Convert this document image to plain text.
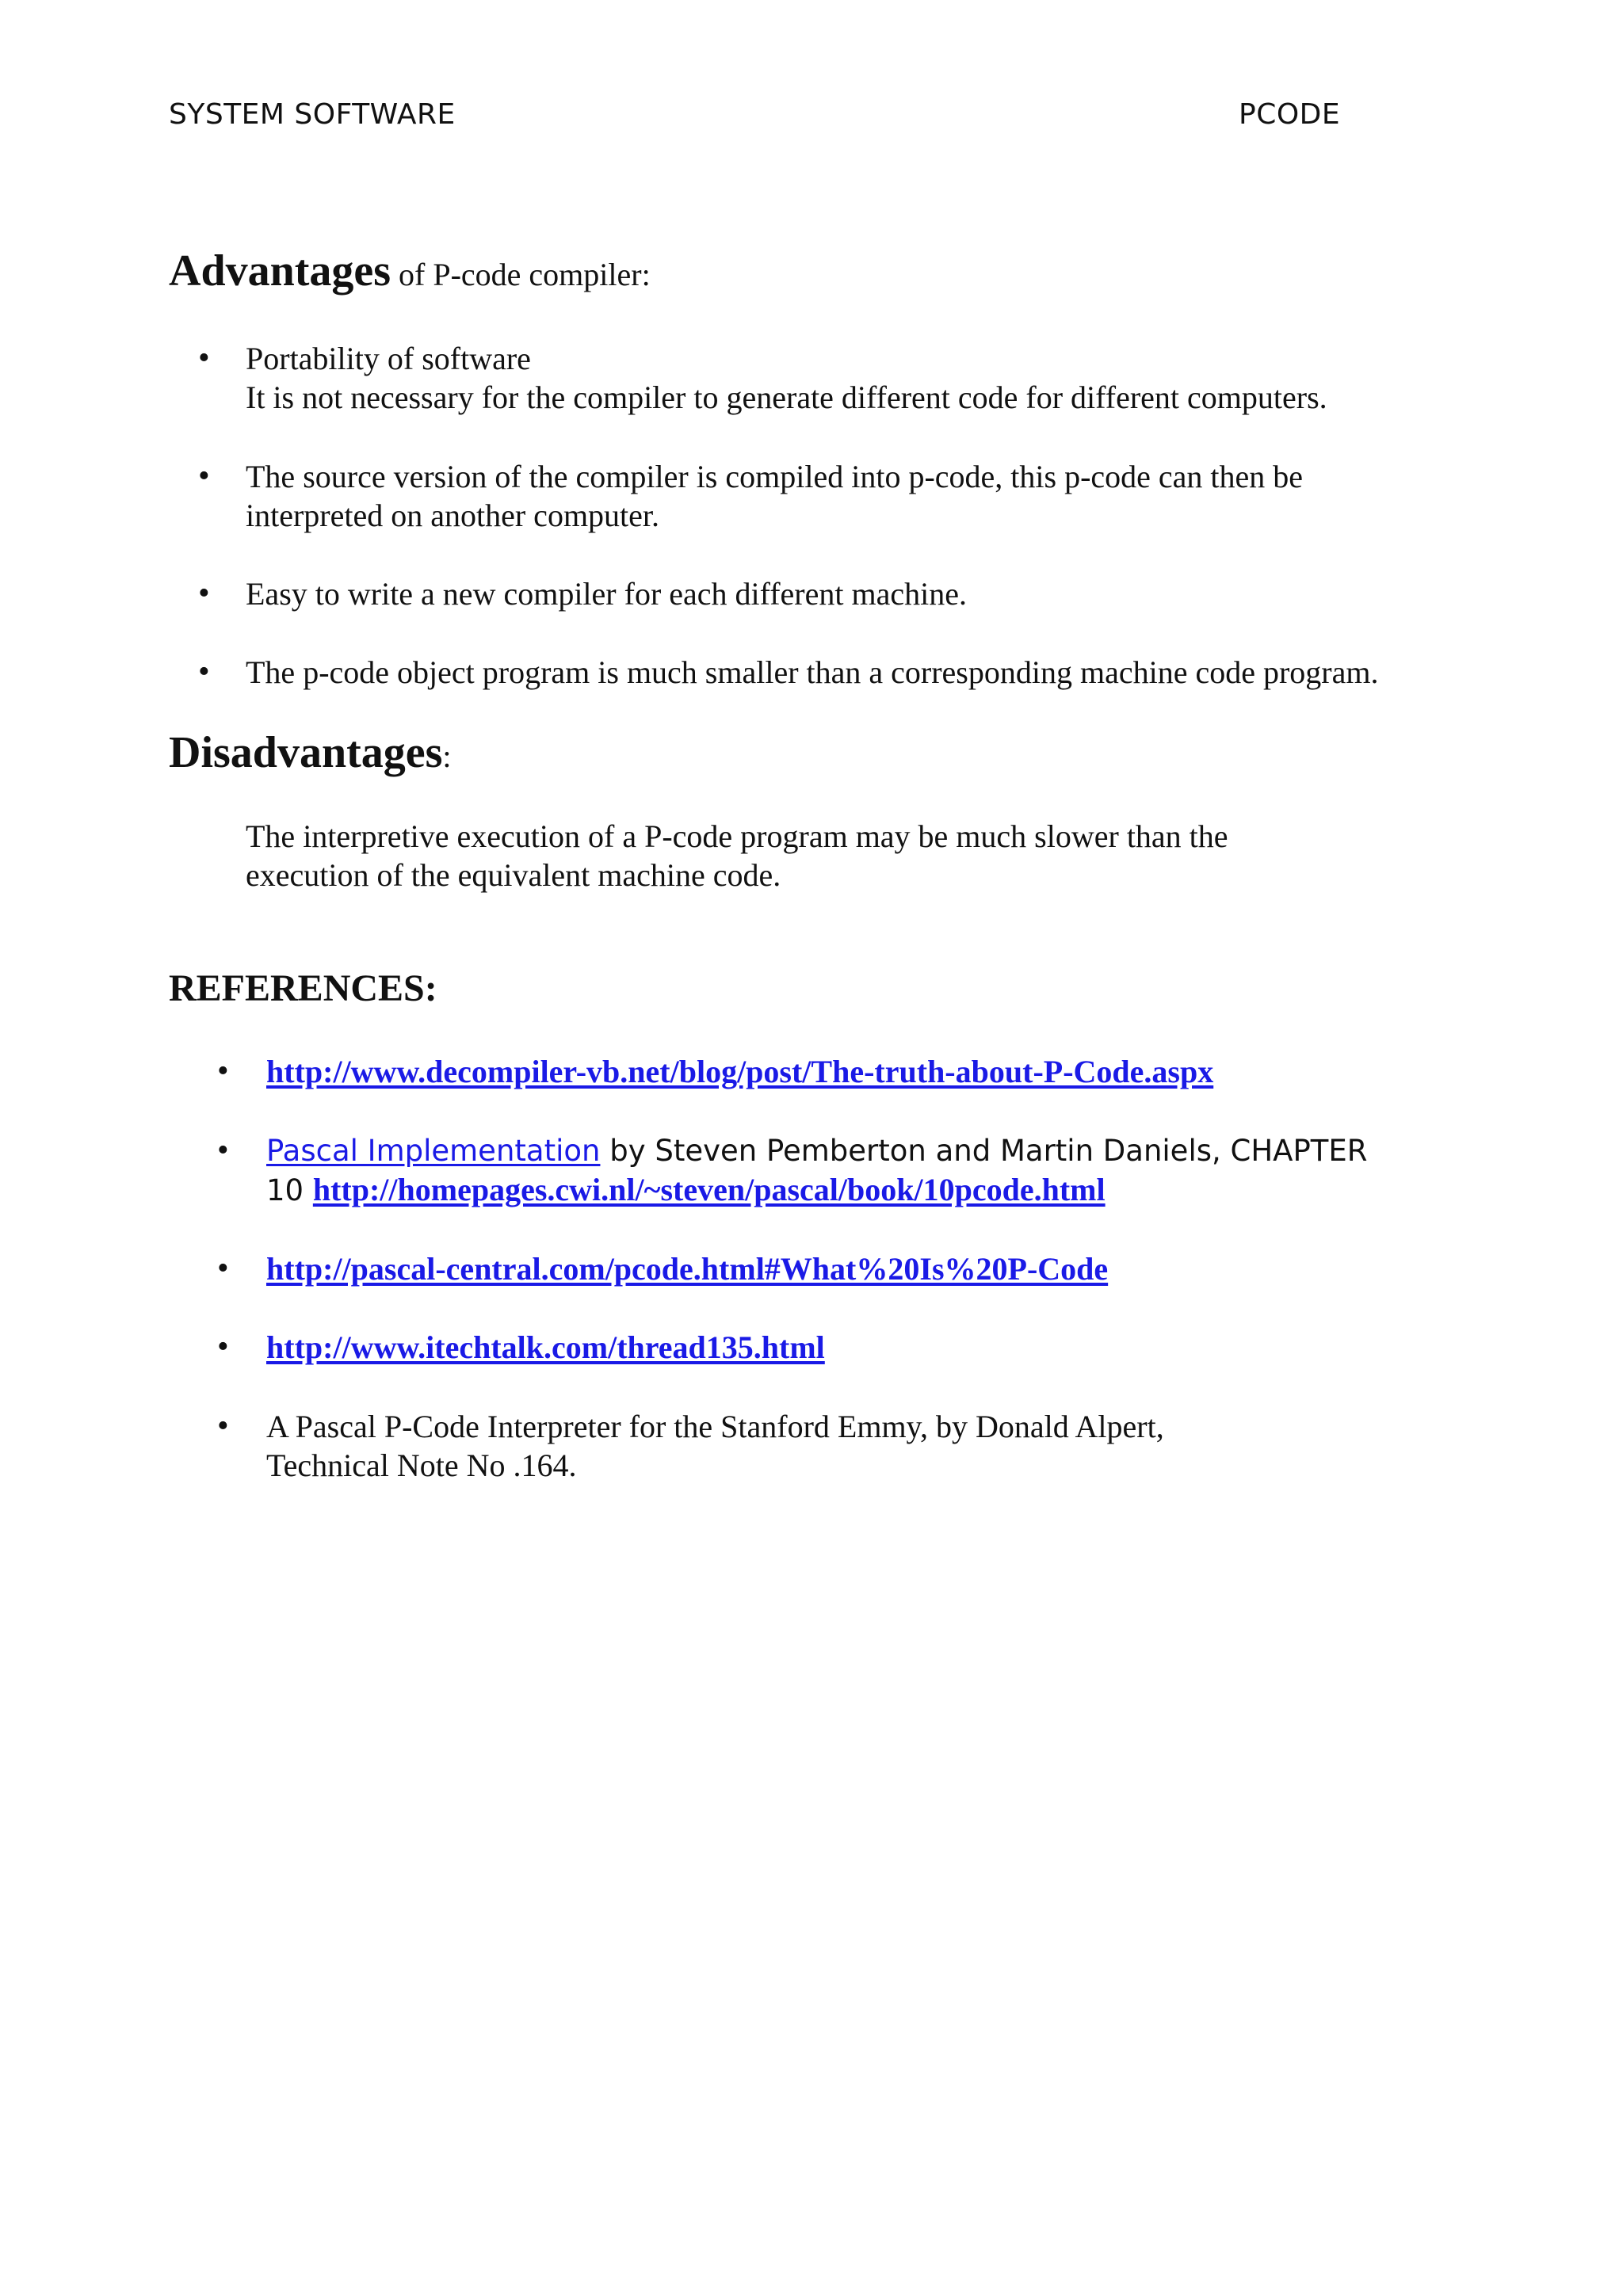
SYSTEM SOFTWARE	PCODE
Advantages of P-code compiler:
• Portability of software
It is not necessary for the compiler to generate different code for different computers.
• The source version of the compiler is compiled into p-code, this p-code can then be
interpreted on another computer.
• Easy to write a new compiler for each different machine.
• The p-code object program is much smaller than a corresponding machine code program.
Disadvantages:
The interpretive execution of a P-code program may be much slower than the
execution of the equivalent machine code.
REFERENCES:
• http://www.decompiler-vb.net/blog/post/The-truth-about-P-Code.aspx
• Pascal Implementation by Steven Pemberton and Martin Daniels, CHAPTER
10 http://homepages.cwi.nl/~steven/pascal/book/10pcode.html
• http://pascal-central.com/pcode.html#What%20Is%20P-Code
• http://www.itechtalk.com/thread135.html
• A Pascal P-Code Interpreter for the Stanford Emmy, by Donald Alpert,
Technical Note No .164.
